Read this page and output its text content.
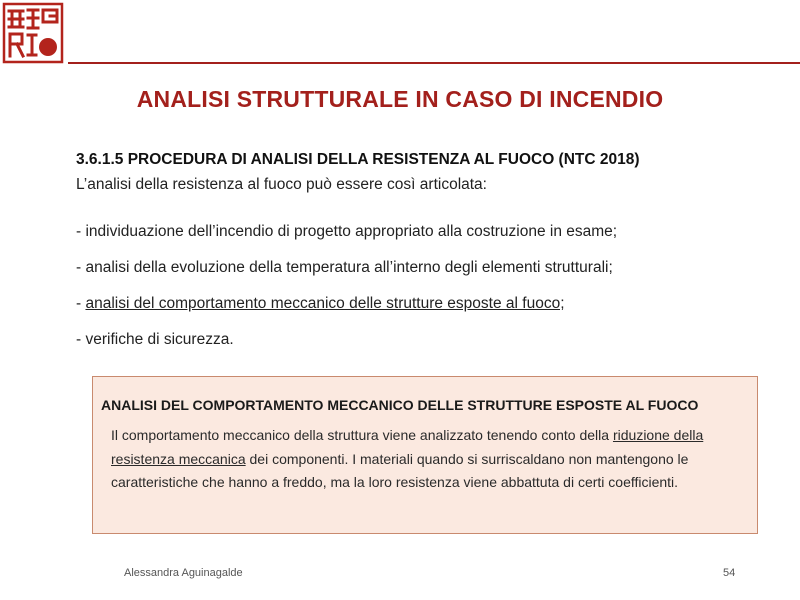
ANALISI STRUTTURALE IN CASO DI INCENDIO
3.6.1.5 PROCEDURA DI ANALISI DELLA RESISTENZA AL FUOCO (NTC 2018)
L’analisi della resistenza al fuoco può essere così articolata:
- individuazione dell’incendio di progetto appropriato alla costruzione in esame;
- analisi della evoluzione della temperatura all’interno degli elementi strutturali;
- analisi del comportamento meccanico delle strutture esposte al fuoco;
- verifiche di sicurezza.
ANALISI DEL COMPORTAMENTO MECCANICO DELLE STRUTTURE ESPOSTE AL FUOCO
Il comportamento meccanico della struttura viene analizzato tenendo conto della riduzione della resistenza meccanica dei componenti. I materiali quando si surriscaldano non mantengono le caratteristiche che hanno a freddo, ma la loro resistenza viene abbattuta di certi coefficienti.
Alessandra Aguinagalde	54
